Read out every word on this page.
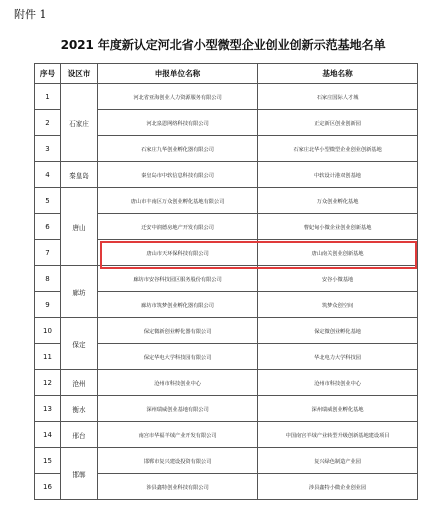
附件 1
2021 年度新认定河北省小型微型企业创业创新示范基地名单
序号	设区市	申报单位名称	基地名称
1	石家庄	河北省亚海创业人力资源服务有限公司	石家庄国际人才城
2		河北泉恩网络科技有限公司	正定新区创业创新园
3		石家庄九华创业孵化器有限公司	石家庄北华小型微型企业创业创新基地
4	秦皇岛	秦皇岛市中软信息科技有限公司	中软设计港双创基地
5	唐山	唐山市丰南区万众创业孵化基地有限公司	万众创业孵化基地
6		迁安中润德房地产开发有限公司	曹妃甸小微企业创业创新基地
7		唐山市天环保科技有限公司	唐山南关创业创新基地
8	廊坊	廊坊市安谷科技园区服务股份有限公司	安谷小微基地
9		廊坊市筑梦创业孵化器有限公司	筑梦众创空间
10	保定	保定微新创业孵化器有限公司	保定微创业孵化基地
11		保定华电大学科技园有限公司	华北电力大学科技园
12	沧州	沧州市科技创业中心	沧州市科技创业中心
13	衡水	深州瑞威创业基地有限公司	深州瑞威创业孵化基地
14	邢台	南宫市华福羊绒产业开发有限公司	中国南宫羊绒产业转型升级创新基地建设项目
15	邯郸	邯郸市复兴建设投资有限公司	复兴绿色制造产业园
16		涉县鑫特创业科技有限公司	涉县鑫特小微企业创业园
